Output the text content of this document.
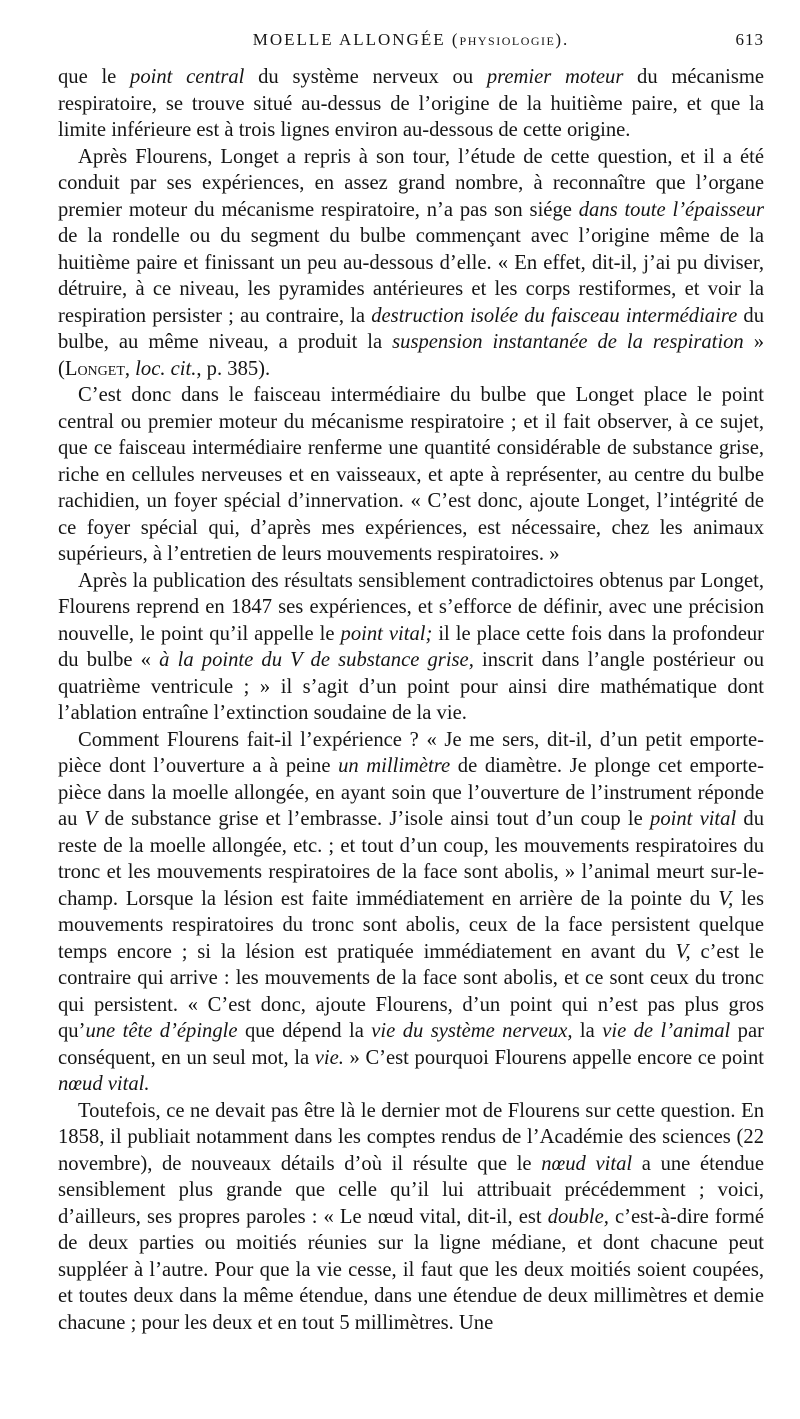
MOELLE ALLONGÉE (PHYSIOLOGIE).	613

que le point central du système nerveux ou premier moteur du mécanisme respiratoire, se trouve situé au-dessus de l’origine de la huitième paire, et que la limite inférieure est à trois lignes environ au-dessous de cette origine.

Après Flourens, Longet a repris à son tour, l’étude de cette question, et il a été conduit par ses expériences, en assez grand nombre, à reconnaître que l’organe premier moteur du mécanisme respiratoire, n’a pas son siége dans toute l’épaisseur de la rondelle ou du segment du bulbe commençant avec l’origine même de la huitième paire et finissant un peu au-dessous d’elle. « En effet, dit-il, j’ai pu diviser, détruire, à ce niveau, les pyramides antérieures et les corps restiformes, et voir la respiration persister ; au contraire, la destruction isolée du faisceau intermédiaire du bulbe, au même niveau, a produit la suspension instantanée de la respiration » (Longet, loc. cit., p. 385).

C’est donc dans le faisceau intermédiaire du bulbe que Longet place le point central ou premier moteur du mécanisme respiratoire ; et il fait observer, à ce sujet, que ce faisceau intermédiaire renferme une quantité considérable de substance grise, riche en cellules nerveuses et en vaisseaux, et apte à représenter, au centre du bulbe rachidien, un foyer spécial d’innervation. « C’est donc, ajoute Longet, l’intégrité de ce foyer spécial qui, d’après mes expériences, est nécessaire, chez les animaux supérieurs, à l’entretien de leurs mouvements respiratoires. »

Après la publication des résultats sensiblement contradictoires obtenus par Longet, Flourens reprend en 1847 ses expériences, et s’efforce de définir, avec une précision nouvelle, le point qu’il appelle le point vital; il le place cette fois dans la profondeur du bulbe « à la pointe du V de substance grise, inscrit dans l’angle postérieur ou quatrième ventricule ; » il s’agit d’un point pour ainsi dire mathématique dont l’ablation entraîne l’extinction soudaine de la vie.

Comment Flourens fait-il l’expérience ? « Je me sers, dit-il, d’un petit emporte-pièce dont l’ouverture a à peine un millimètre de diamètre. Je plonge cet emporte-pièce dans la moelle allongée, en ayant soin que l’ouverture de l’instrument réponde au V de substance grise et l’embrasse. J’isole ainsi tout d’un coup le point vital du reste de la moelle allongée, etc. ; et tout d’un coup, les mouvements respiratoires du tronc et les mouvements respiratoires de la face sont abolis, » l’animal meurt sur-le-champ. Lorsque la lésion est faite immédiatement en arrière de la pointe du V, les mouvements respiratoires du tronc sont abolis, ceux de la face persistent quelque temps encore ; si la lésion est pratiquée immédiatement en avant du V, c’est le contraire qui arrive : les mouvements de la face sont abolis, et ce sont ceux du tronc qui persistent. « C’est donc, ajoute Flourens, d’un point qui n’est pas plus gros qu’une tête d’épingle que dépend la vie du système nerveux, la vie de l’animal par conséquent, en un seul mot, la vie. » C’est pourquoi Flourens appelle encore ce point nœud vital.

Toutefois, ce ne devait pas être là le dernier mot de Flourens sur cette question. En 1858, il publiait notamment dans les comptes rendus de l’Académie des sciences (22 novembre), de nouveaux détails d’où il résulte que le nœud vital a une étendue sensiblement plus grande que celle qu’il lui attribuait précédemment ; voici, d’ailleurs, ses propres paroles : « Le nœud vital, dit-il, est double, c’est-à-dire formé de deux parties ou moitiés réunies sur la ligne médiane, et dont chacune peut suppléer à l’autre. Pour que la vie cesse, il faut que les deux moitiés soient coupées, et toutes deux dans la même étendue, dans une étendue de deux millimètres et demie chacune ; pour les deux et en tout 5 millimètres. Une
